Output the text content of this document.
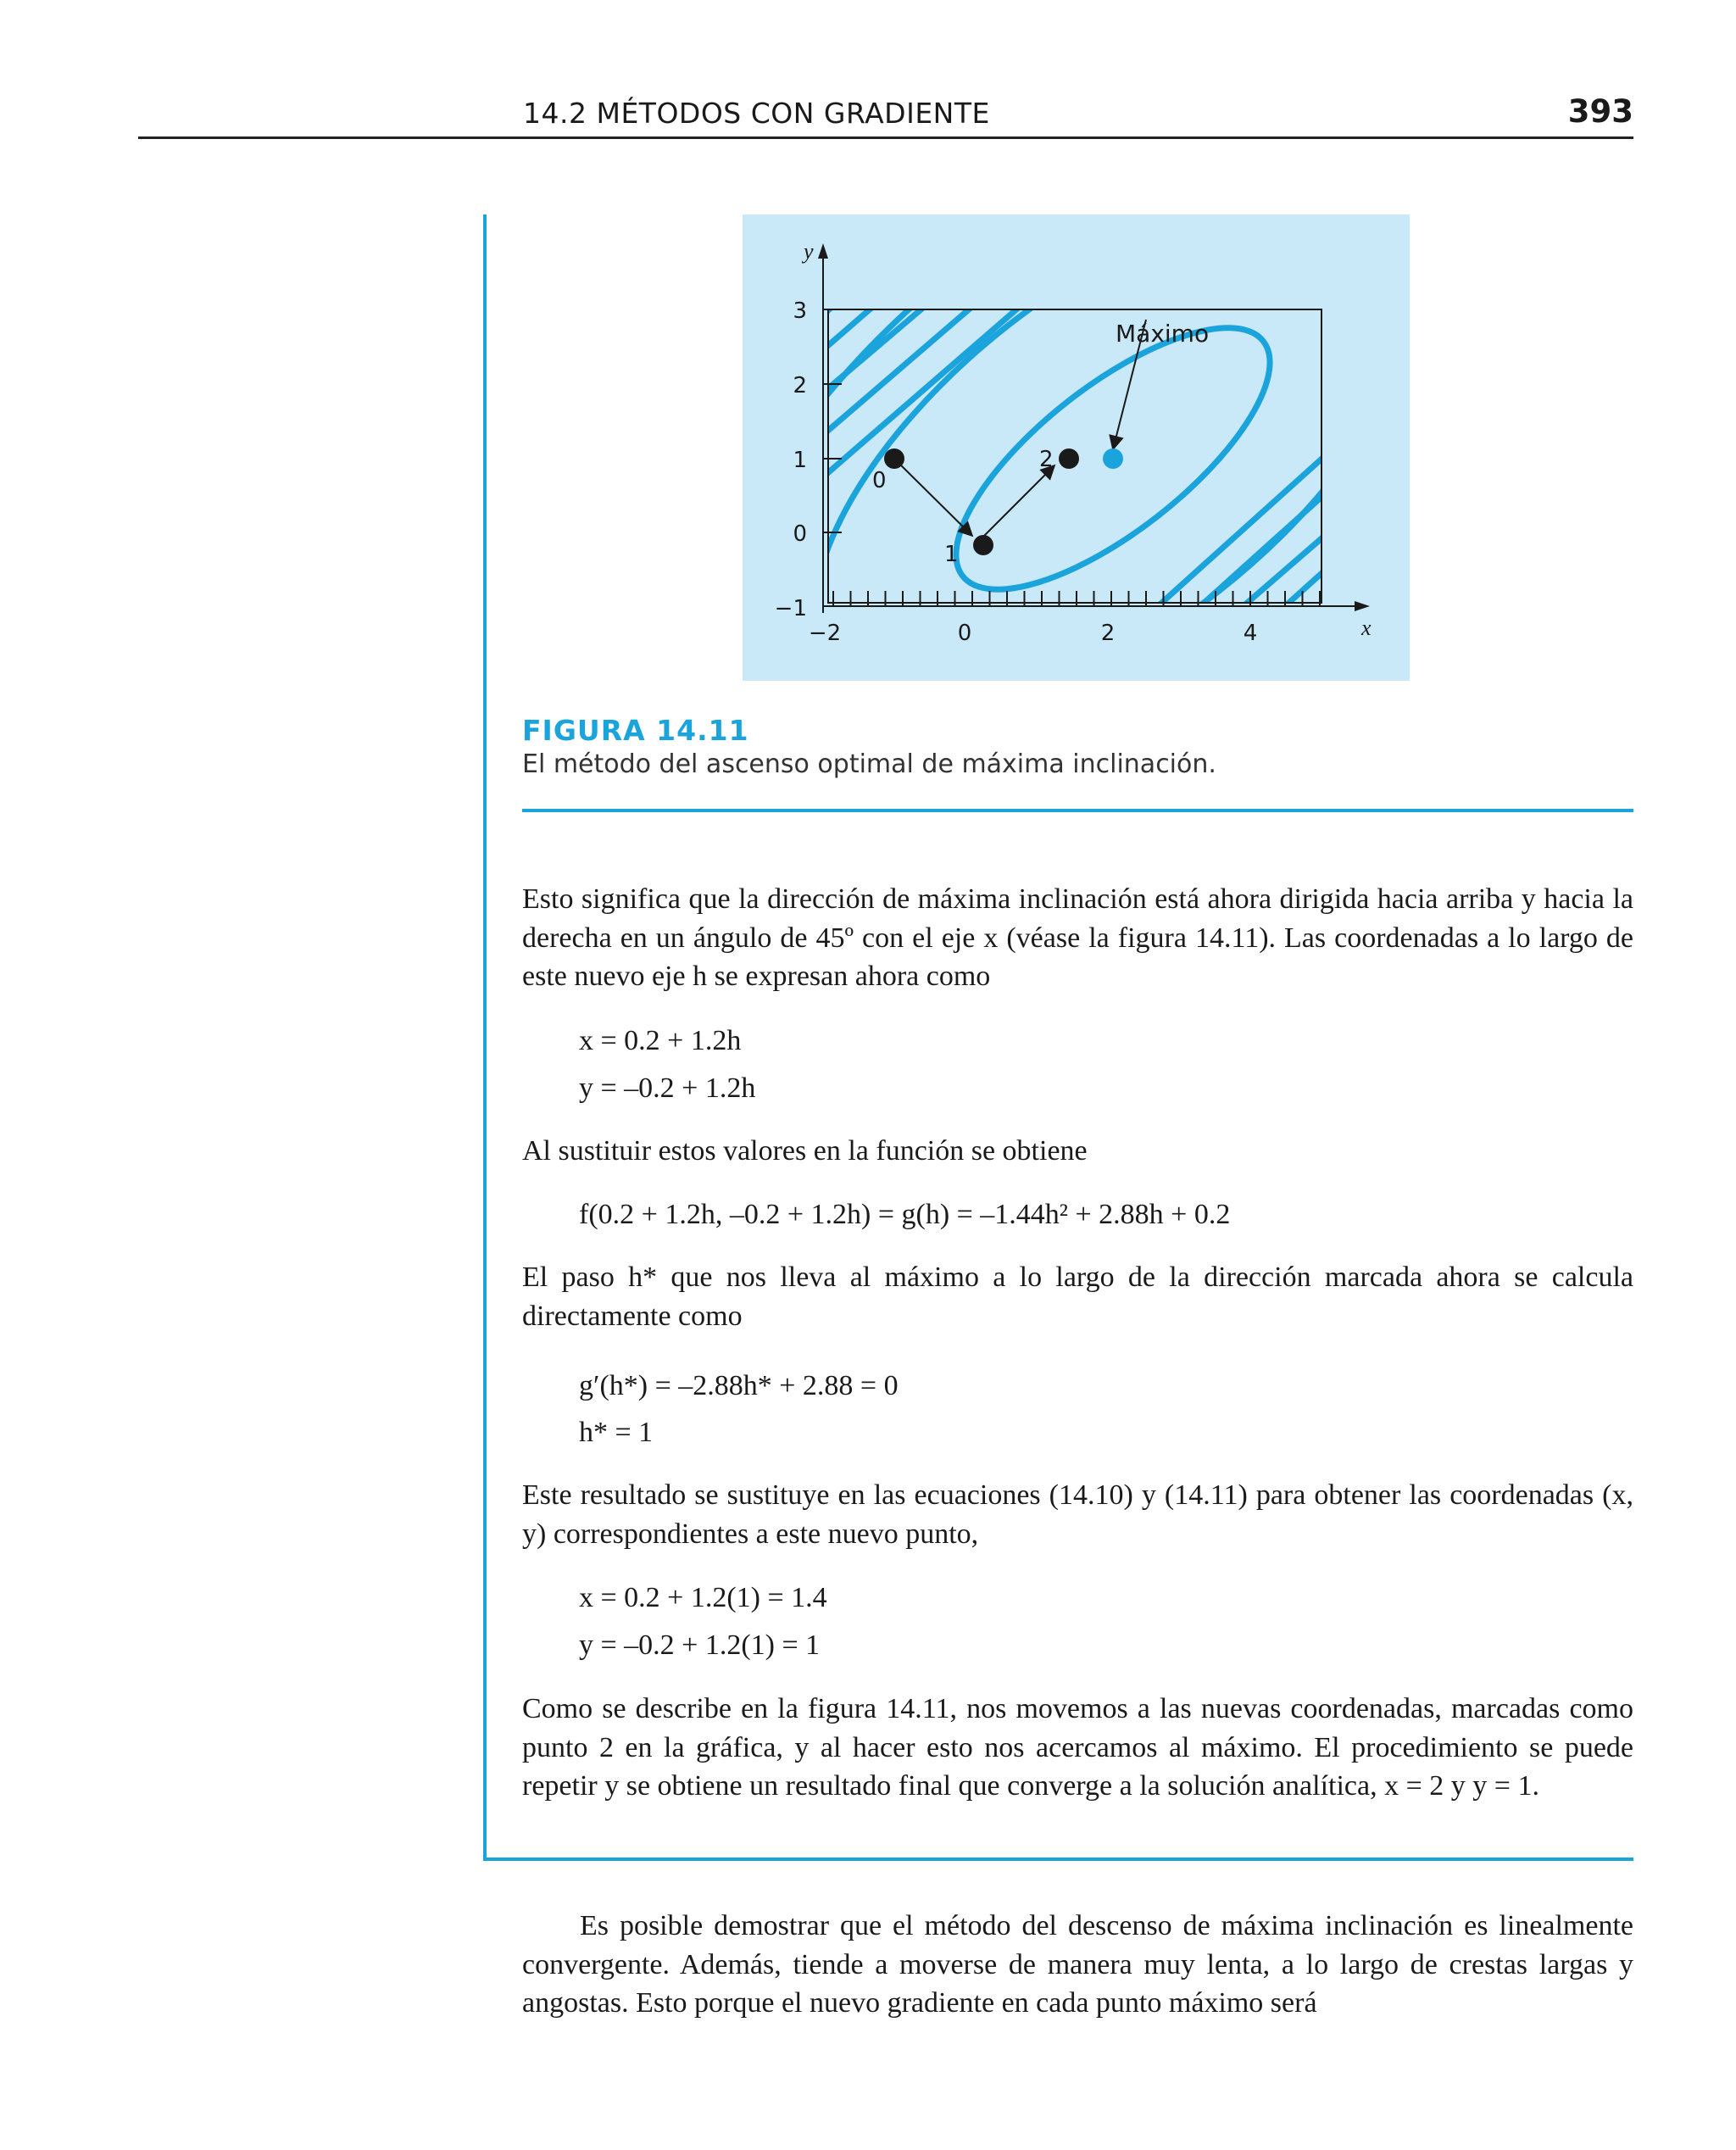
14.2 MÉTODOS CON GRADIENTE	393
3
2
1
0
−1
−2	0	2	4
y
x
0
1
2
Máximo
FIGURA 14.11
El método del ascenso optimal de máxima inclinación.
Esto significa que la dirección de máxima inclinación está ahora dirigida hacia arriba y hacia la derecha en un ángulo de 45º con el eje x (véase la figura 14.11). Las coordenadas a lo largo de este nuevo eje h se expresan ahora como
x = 0.2 + 1.2h
y = –0.2 + 1.2h
Al sustituir estos valores en la función se obtiene
f(0.2 + 1.2h, –0.2 + 1.2h) = g(h) = –1.44h² + 2.88h + 0.2
El paso h* que nos lleva al máximo a lo largo de la dirección marcada ahora se calcula directamente como
g′(h*) = –2.88h* + 2.88 = 0
h* = 1
Este resultado se sustituye en las ecuaciones (14.10) y (14.11) para obtener las coordenadas (x, y) correspondientes a este nuevo punto,
x = 0.2 + 1.2(1) = 1.4
y = –0.2 + 1.2(1) = 1
Como se describe en la figura 14.11, nos movemos a las nuevas coordenadas, marcadas como punto 2 en la gráfica, y al hacer esto nos acercamos al máximo. El procedimiento se puede repetir y se obtiene un resultado final que converge a la solución analítica, x = 2 y y = 1.
Es posible demostrar que el método del descenso de máxima inclinación es linealmente convergente. Además, tiende a moverse de manera muy lenta, a lo largo de crestas largas y angostas. Esto porque el nuevo gradiente en cada punto máximo será
